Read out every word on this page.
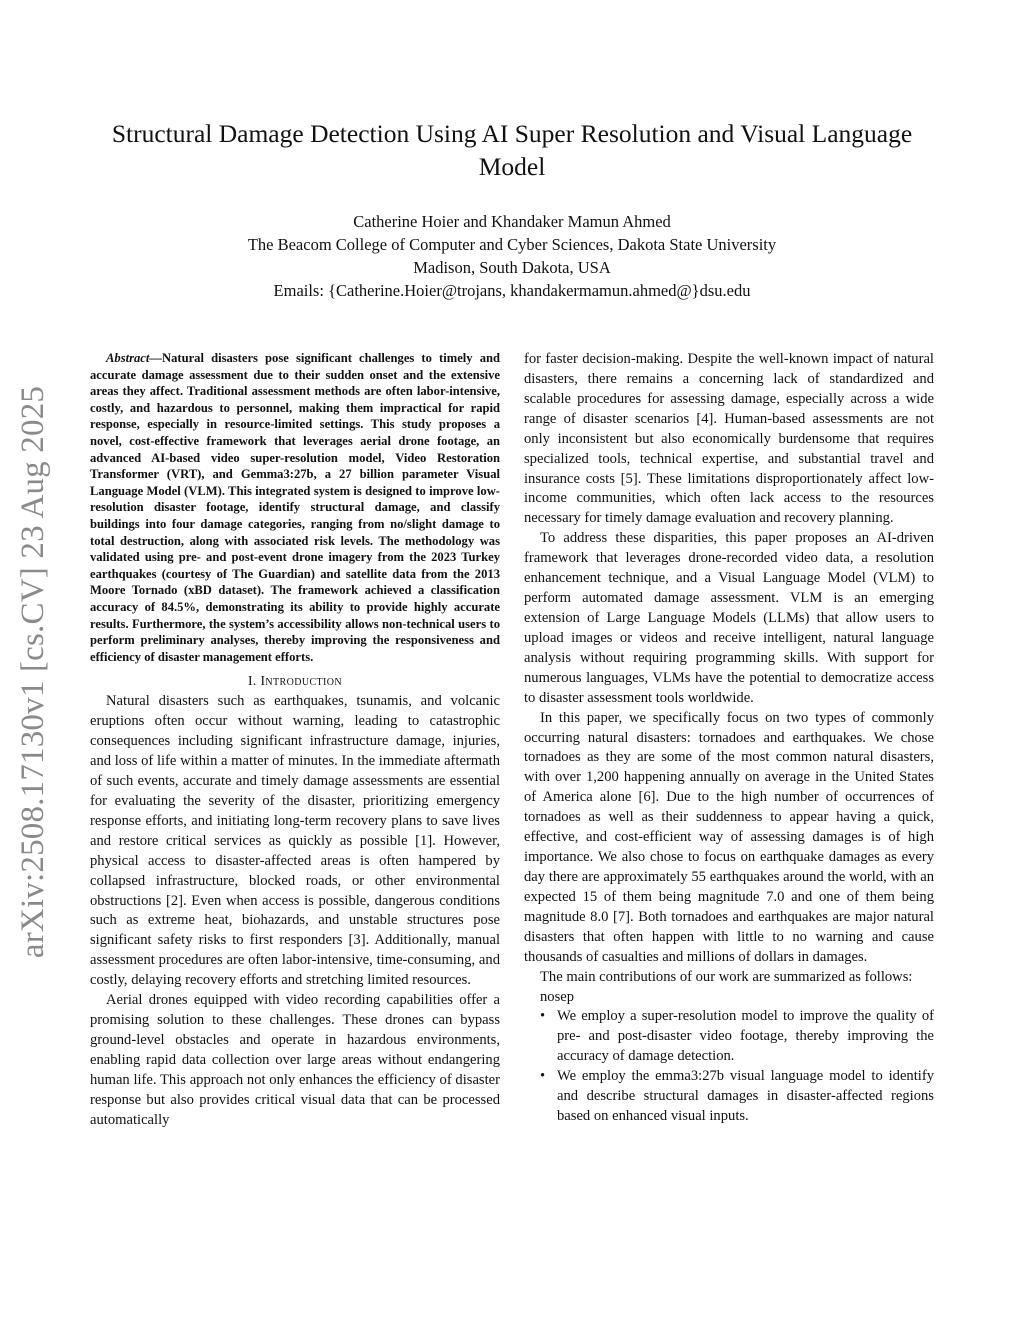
arXiv:2508.17130v1 [cs.CV] 23 Aug 2025
Structural Damage Detection Using AI Super Resolution and Visual Language Model
Catherine Hoier and Khandaker Mamun Ahmed
The Beacom College of Computer and Cyber Sciences, Dakota State University
Madison, South Dakota, USA
Emails: {Catherine.Hoier@trojans, khandakermamun.ahmed@}dsu.edu

Abstract—Natural disasters pose significant challenges to timely and accurate damage assessment due to their sudden onset and the extensive areas they affect. Traditional assessment methods are often labor-intensive, costly, and hazardous to personnel, making them impractical for rapid response, especially in resource-limited settings. This study proposes a novel, cost-effective framework that leverages aerial drone footage, an advanced AI-based video super-resolution model, Video Restoration Transformer (VRT), and Gemma3:27b, a 27 billion parameter Visual Language Model (VLM). This integrated system is designed to improve low-resolution disaster footage, identify structural damage, and classify buildings into four damage categories, ranging from no/slight damage to total destruction, along with associated risk levels. The methodology was validated using pre- and post-event drone imagery from the 2023 Turkey earthquakes (courtesy of The Guardian) and satellite data from the 2013 Moore Tornado (xBD dataset). The framework achieved a classification accuracy of 84.5%, demonstrating its ability to provide highly accurate results. Furthermore, the system’s accessibility allows non-technical users to perform preliminary analyses, thereby improving the responsiveness and efficiency of disaster management efforts.

I. Introduction

Natural disasters such as earthquakes, tsunamis, and volcanic eruptions often occur without warning, leading to catastrophic consequences including significant infrastructure damage, injuries, and loss of life within a matter of minutes. In the immediate aftermath of such events, accurate and timely damage assessments are essential for evaluating the severity of the disaster, prioritizing emergency response efforts, and initiating long-term recovery plans to save lives and restore critical services as quickly as possible [1]. However, physical access to disaster-affected areas is often hampered by collapsed infrastructure, blocked roads, or other environmental obstructions [2]. Even when access is possible, dangerous conditions such as extreme heat, biohazards, and unstable structures pose significant safety risks to first responders [3]. Additionally, manual assessment procedures are often labor-intensive, time-consuming, and costly, delaying recovery efforts and stretching limited resources.

Aerial drones equipped with video recording capabilities offer a promising solution to these challenges. These drones can bypass ground-level obstacles and operate in hazardous environments, enabling rapid data collection over large areas without endangering human life. This approach not only enhances the efficiency of disaster response but also provides critical visual data that can be processed automatically

for faster decision-making. Despite the well-known impact of natural disasters, there remains a concerning lack of standardized and scalable procedures for assessing damage, especially across a wide range of disaster scenarios [4]. Human-based assessments are not only inconsistent but also economically burdensome that requires specialized tools, technical expertise, and substantial travel and insurance costs [5]. These limitations disproportionately affect low-income communities, which often lack access to the resources necessary for timely damage evaluation and recovery planning.

To address these disparities, this paper proposes an AI-driven framework that leverages drone-recorded video data, a resolution enhancement technique, and a Visual Language Model (VLM) to perform automated damage assessment. VLM is an emerging extension of Large Language Models (LLMs) that allow users to upload images or videos and receive intelligent, natural language analysis without requiring programming skills. With support for numerous languages, VLMs have the potential to democratize access to disaster assessment tools worldwide.

In this paper, we specifically focus on two types of commonly occurring natural disasters: tornadoes and earthquakes. We chose tornadoes as they are some of the most common natural disasters, with over 1,200 happening annually on average in the United States of America alone [6]. Due to the high number of occurrences of tornadoes as well as their suddenness to appear having a quick, effective, and cost-efficient way of assessing damages is of high importance. We also chose to focus on earthquake damages as every day there are approximately 55 earthquakes around the world, with an expected 15 of them being magnitude 7.0 and one of them being magnitude 8.0 [7]. Both tornadoes and earthquakes are major natural disasters that often happen with little to no warning and cause thousands of casualties and millions of dollars in damages.

The main contributions of our work are summarized as follows:

nosep

• We employ a super-resolution model to improve the quality of pre- and post-disaster video footage, thereby improving the accuracy of damage detection.
• We employ the emma3:27b visual language model to identify and describe structural damages in disaster-affected regions based on enhanced visual inputs.
